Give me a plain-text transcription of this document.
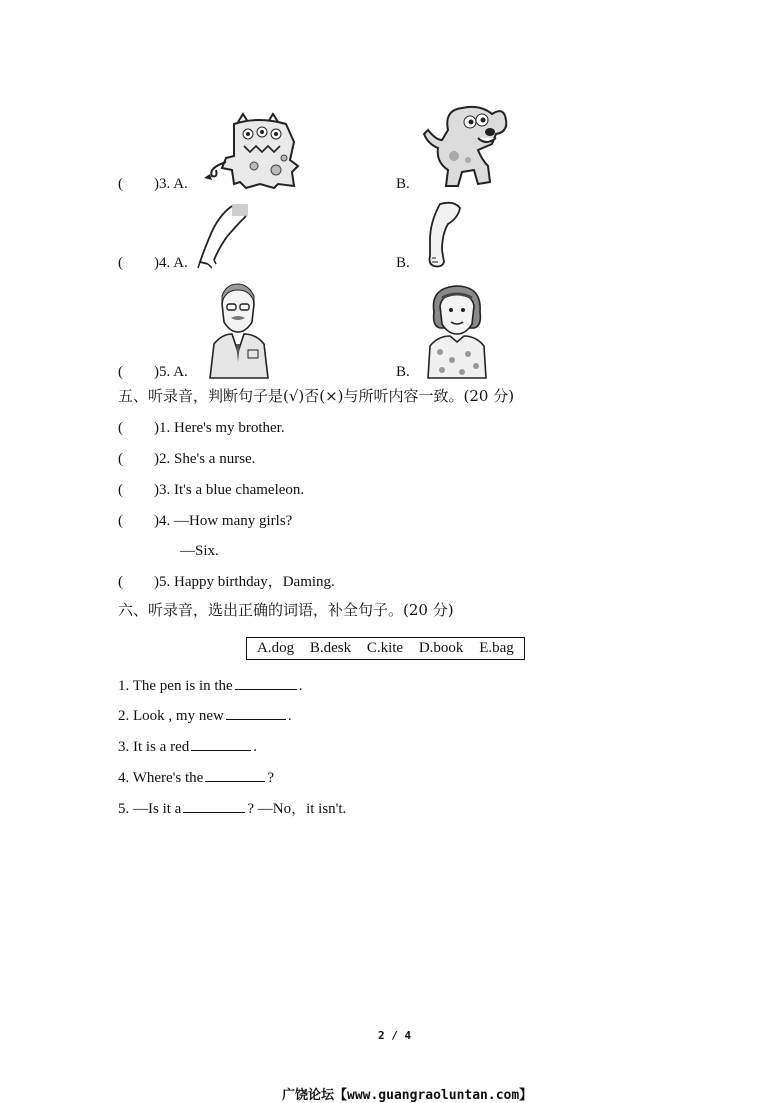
( )3. A.	B.
( )4. A.	B.
( )5. A.	B.
五、听录音，判断句子是(√)否(×)与所听内容一致。(20 分)
( )1. Here's my brother.
( )2. She's a nurse.
( )3. It's a blue chameleon.
( )4. —How many girls?
—Six.
( )5. Happy birthday，Daming.
六、听录音，选出正确的词语，补全句子。(20 分)
A.dog B.desk C.kite D.book E.bag
1. The pen is in the	.
2. Look , my new	.
3. It is a red	.
4. Where's the	?
5. —Is it a	? —No，it isn't.
2 / 4
广饶论坛【www.guangraoluntan.com】
